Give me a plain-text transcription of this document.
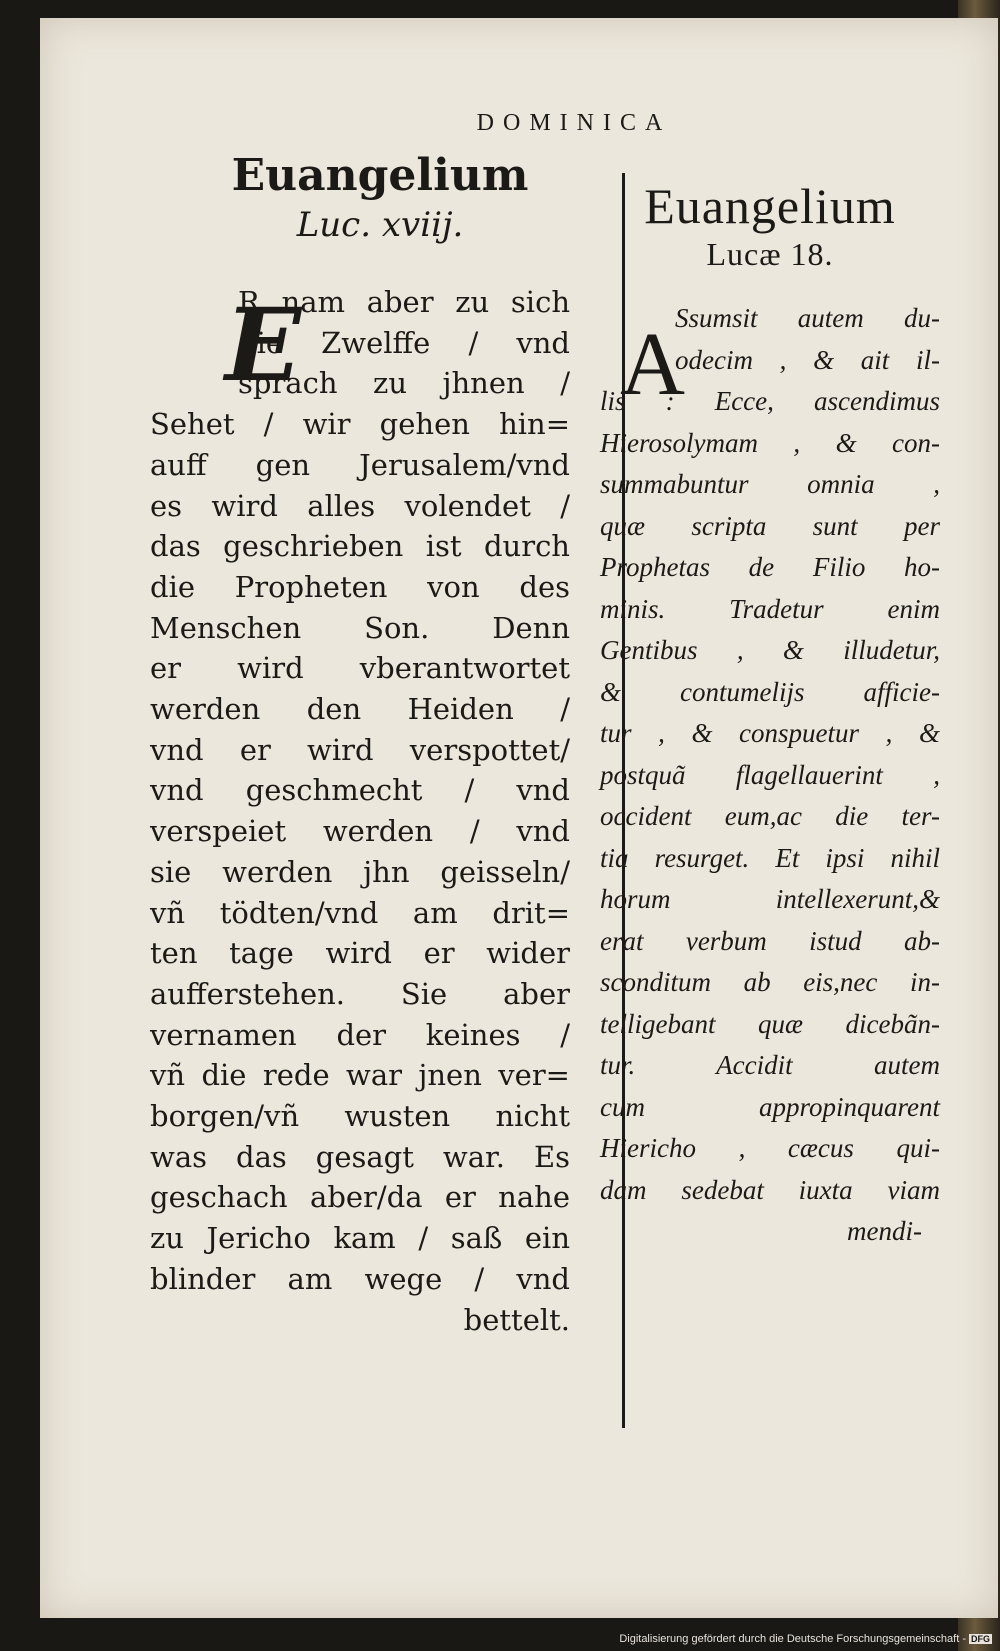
DOMINICA

Euangelium

Luc. xviij.

R nam aber zu sich
die Zwelffe / vnd
sprach zu jhnen /
Sehet / wir gehen hin=
auff gen Jerusalem/vnd
es wird alles volendet /
das geschrieben ist durch
die Propheten von des
Menschen Son. Denn
er wird vberantwortet
werden den Heiden /
vnd er wird verspottet/
vnd geschmecht / vnd
verspeiet werden / vnd
sie werden jhn geisseln/
vñ tödten/vnd am drit=
ten tage wird er wider
aufferstehen. Sie aber
vernamen der keines /
vñ die rede war jnen ver=
borgen/vñ wusten nicht
was das gesagt war. Es
geschach aber/da er nahe
zu Jericho kam / saß ein
blinder am wege / vnd
bettelt.
E

Euangelium

Lucæ 18.

Ssumsit autem du-
odecim , & ait il-
lis : Ecce, ascendimus
Hierosolymam , & con-
summabuntur omnia ,
quæ scripta sunt per
Prophetas de Filio ho-
minis. Tradetur enim
Gentibus , & illudetur,
& contumelijs afficie-
tur , & conspuetur , &
postquã flagellauerint ,
occident eum,ac die ter-
tia resurget. Et ipsi nihil
horum intellexerunt,&
erat verbum istud ab-
sconditum ab eis,nec in-
telligebant quæ dicebãn-
tur. Accidit autem
cum appropinquarent
Hiericho , cæcus qui-
dam sedebat iuxta viam
mendi-
A
Digitalisierung gefördert durch die Deutsche Forschungsgemeinschaft - DFG
